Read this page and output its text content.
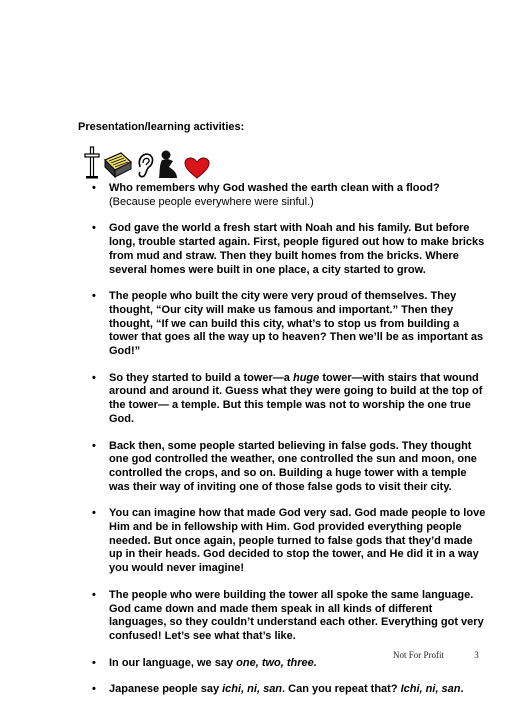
Presentation/learning activities:
• Who remembers why God washed the earth clean with a flood? (Because people everywhere were sinful.)
• God gave the world a fresh start with Noah and his family. But before long, trouble started again. First, people figured out how to make bricks from mud and straw. Then they built homes from the bricks. Where several homes were built in one place, a city started to grow.
• The people who built the city were very proud of themselves. They thought, “Our city will make us famous and important.” Then they thought, “If we can build this city, what’s to stop us from building a tower that goes all the way up to heaven? Then we’ll be as important as God!”
• So they started to build a tower—a huge tower—with stairs that wound around and around it. Guess what they were going to build at the top of the tower— a temple. But this temple was not to worship the one true God.
• Back then, some people started believing in false gods. They thought one god controlled the weather, one controlled the sun and moon, one controlled the crops, and so on. Building a huge tower with a temple was their way of inviting one of those false gods to visit their city.
• You can imagine how that made God very sad. God made people to love Him and be in fellowship with Him. God provided everything people needed. But once again, people turned to false gods that they’d made up in their heads. God decided to stop the tower, and He did it in a way you would never imagine!
• The people who were building the tower all spoke the same language. God came down and made them speak in all kinds of different languages, so they couldn’t understand each other. Everything got very confused! Let’s see what that’s like.
• In our language, we say one, two, three.
• Japanese people say ichi, ni, san. Can you repeat that? Ichi, ni, san.
Not For Profit	3
